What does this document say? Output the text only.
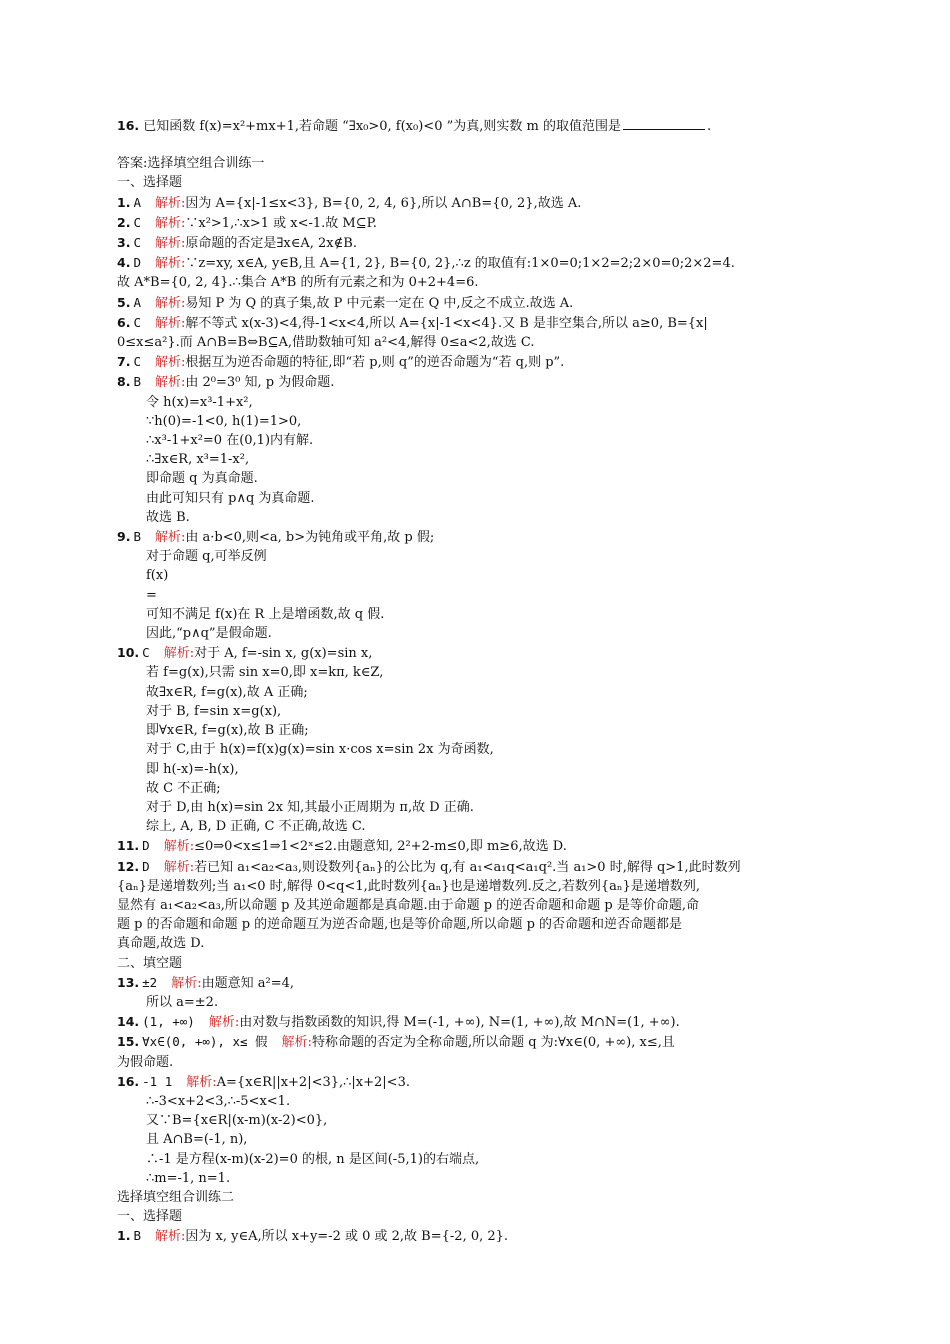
16. 已知函数 f(x)=x²+mx+1,若命题 “∃x₀>0, f(x₀)<0 ”为真,则实数 m 的取值范围是	.
答案:选择填空组合训练一
一、选择题
1. A 解析:因为 A={x|-1≤x<3}, B={0, 2, 4, 6},所以 A∩B={0, 2},故选 A.
2. C 解析:∵x²>1,∴x>1 或 x<-1.故 M⊆P.
3. C 解析:原命题的否定是∃x∈A, 2x∉B.
4. D 解析:∵z=xy, x∈A, y∈B,且 A={1, 2}, B={0, 2},∴z 的取值有:1×0=0;1×2=2;2×0=0;2×2=4.
故 A*B={0, 2, 4}.∴集合 A*B 的所有元素之和为 0+2+4=6.
5. A 解析:易知 P 为 Q 的真子集,故 P 中元素一定在 Q 中,反之不成立.故选 A.
6. C 解析:解不等式 x(x-3)<4,得-1<x<4,所以 A={x|-1<x<4}.又 B 是非空集合,所以 a≥0, B={x|
0≤x≤a²}.而 A∩B=B⇔B⊆A,借助数轴可知 a²<4,解得 0≤a<2,故选 C.
7. C 解析:根据互为逆否命题的特征,即“若 p,则 q”的逆否命题为“若 q,则 p”.
8. B 解析:由 2⁰=3⁰ 知, p 为假命题.
令 h(x)=x³-1+x²,
∵h(0)=-1<0, h(1)=1>0,
∴x³-1+x²=0 在(0,1)内有解.
∴∃x∈R, x³=1-x²,
即命题 q 为真命题.
由此可知只有 p∧q 为真命题.
故选 B.
9. B 解析:由 a·b<0,则<a, b>为钝角或平角,故 p 假;
对于命题 q,可举反例
f(x)
=
可知不满足 f(x)在 R 上是增函数,故 q 假.
因此,“p∧q”是假命题.
10. C 解析:对于 A, f=-sin x, g(x)=sin x,
若 f=g(x),只需 sin x=0,即 x=kπ, k∈Z,
故∃x∈R, f=g(x),故 A 正确;
对于 B, f=sin x=g(x),
即∀x∈R, f=g(x),故 B 正确;
对于 C,由于 h(x)=f(x)g(x)=sin x·cos x=sin 2x 为奇函数,
即 h(-x)=-h(x),
故 C 不正确;
对于 D,由 h(x)=sin 2x 知,其最小正周期为 π,故 D 正确.
综上, A, B, D 正确, C 不正确,故选 C.
11. D 解析:≤0⇒0<x≤1⇒1<2ˣ≤2.由题意知, 2²+2-m≤0,即 m≥6,故选 D.
12. D 解析:若已知 a₁<a₂<a₃,则设数列{aₙ}的公比为 q,有 a₁<a₁q<a₁q².当 a₁>0 时,解得 q>1,此时数列
{aₙ}是递增数列;当 a₁<0 时,解得 0<q<1,此时数列{aₙ}也是递增数列.反之,若数列{aₙ}是递增数列,
显然有 a₁<a₂<a₃,所以命题 p 及其逆命题都是真命题.由于命题 p 的逆否命题和命题 p 是等价命题,命
题 p 的否命题和命题 p 的逆命题互为逆否命题,也是等价命题,所以命题 p 的否命题和逆否命题都是
真命题,故选 D.
二、填空题
13. ±2 解析:由题意知 a²=4,
所以 a=±2.
14. (1, +∞) 解析:由对数与指数函数的知识,得 M=(-1, +∞), N=(1, +∞),故 M∩N=(1, +∞).
15. ∀x∈(0, +∞), x≤ 假 解析:特称命题的否定为全称命题,所以命题 q 为:∀x∈(0, +∞), x≤,且
为假命题.
16. -1 1 解析:A={x∈R||x+2|<3},∴|x+2|<3.
∴-3<x+2<3,∴-5<x<1.
又∵B={x∈R|(x-m)(x-2)<0},
且 A∩B=(-1, n),
∴-1 是方程(x-m)(x-2)=0 的根, n 是区间(-5,1)的右端点,
∴m=-1, n=1.
选择填空组合训练二
一、选择题
1. B 解析:因为 x, y∈A,所以 x+y=-2 或 0 或 2,故 B={-2, 0, 2}.
